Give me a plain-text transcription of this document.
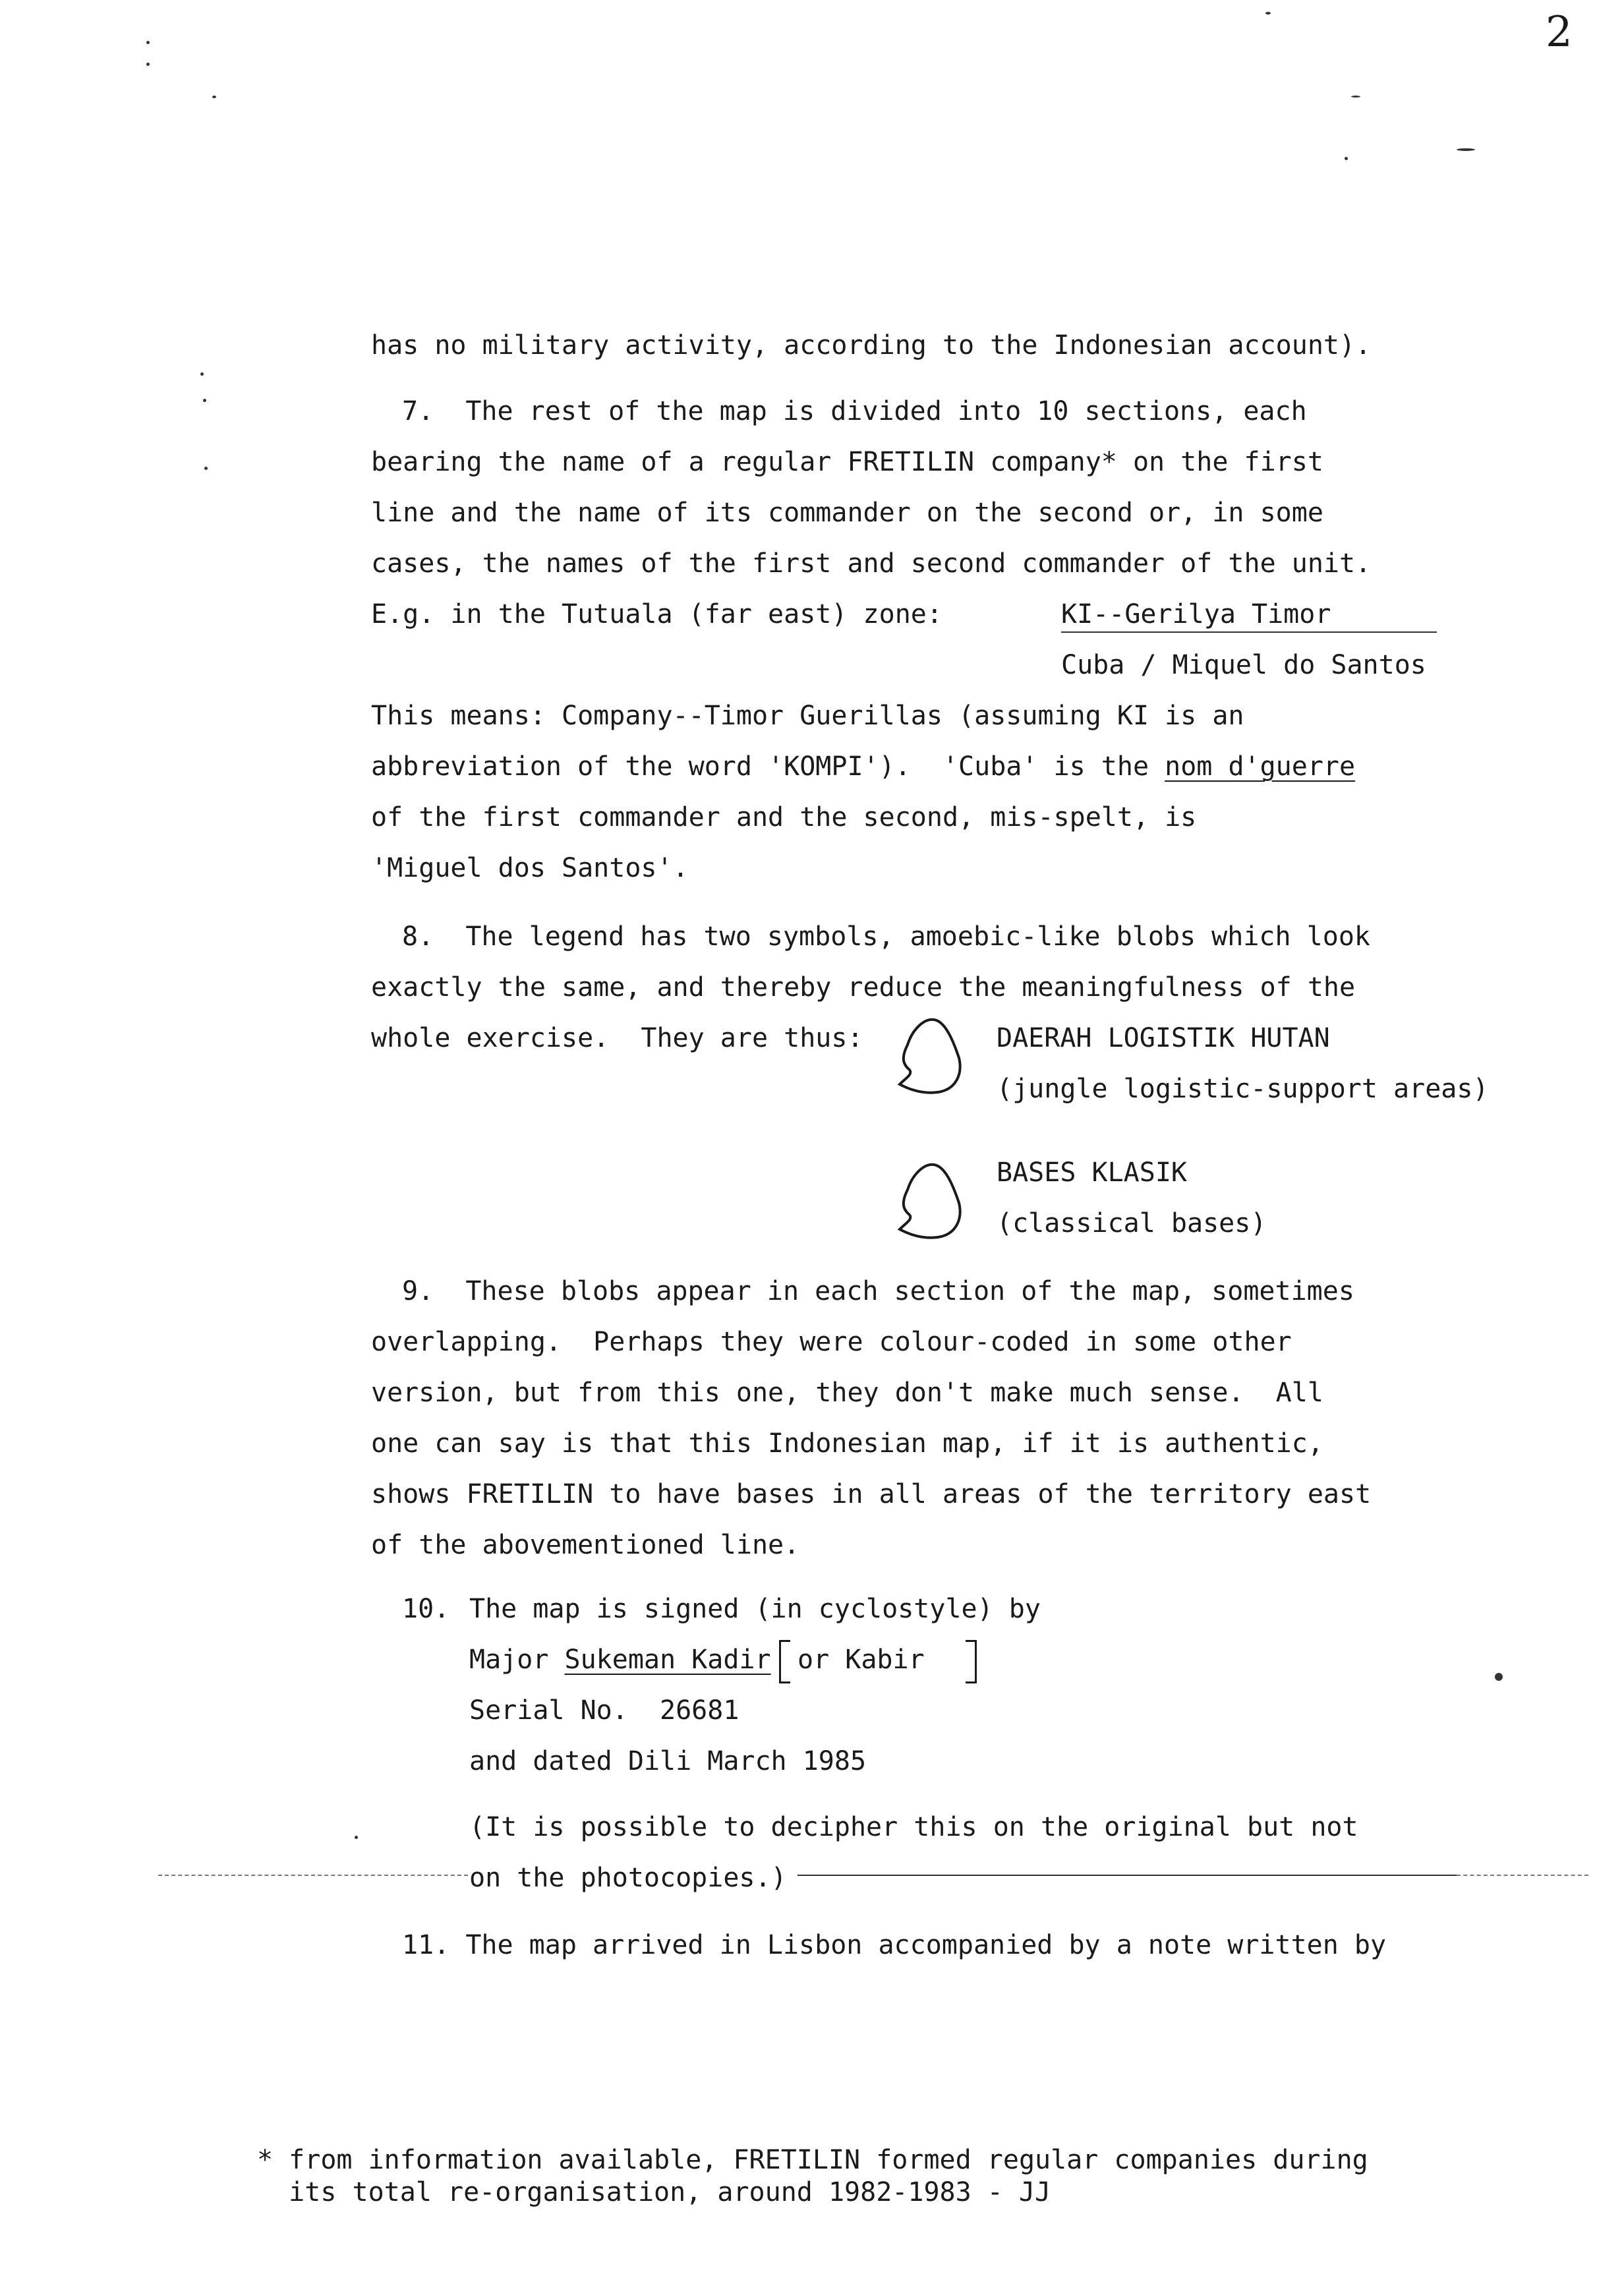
2
has no military activity, according to the Indonesian account).
7.  The rest of the map is divided into 10 sections, each
bearing the name of a regular FRETILIN company* on the first
line and the name of its commander on the second or, in some
cases, the names of the first and second commander of the unit.
E.g. in the Tutuala (far east) zone:	KI--Gerilya Timor
Cuba / Miquel do Santos
This means: Company--Timor Guerillas (assuming KI is an
abbreviation of the word 'KOMPI').  'Cuba' is the nom d'guerre
of the first commander and the second, mis-spelt, is
'Miguel dos Santos'.
8.  The legend has two symbols, amoebic-like blobs which look
exactly the same, and thereby reduce the meaningfulness of the
whole exercise.  They are thus:	DAERAH LOGISTIK HUTAN
(jungle logistic-support areas)
BASES KLASIK
(classical bases)
9.  These blobs appear in each section of the map, sometimes
overlapping.  Perhaps they were colour-coded in some other
version, but from this one, they don't make much sense.  All
one can say is that this Indonesian map, if it is authentic,
shows FRETILIN to have bases in all areas of the territory east
of the abovementioned line.
10. The map is signed (in cyclostyle) by
Major Sukeman Kadir or Kabir
Serial No.  26681
and dated Dili March 1985
(It is possible to decipher this on the original but not
on the photocopies.)
11. The map arrived in Lisbon accompanied by a note written by
* from information available, FRETILIN formed regular companies during
its total re-organisation, around 1982-1983 - JJ
